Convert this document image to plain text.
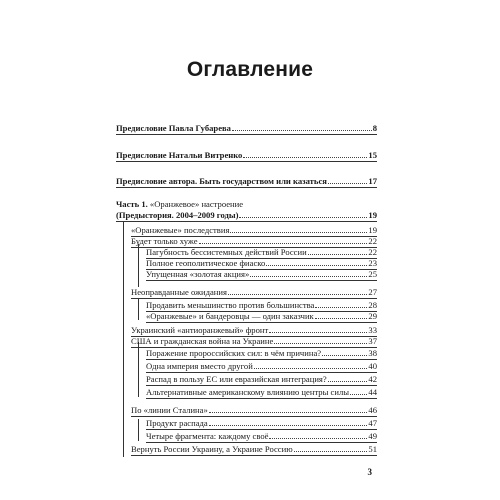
Оглавление
Предисловие Павла Губарева	8
Предисловие Натальи Витренко	15
Предисловие автора. Быть государством или казаться	17
Часть 1. «Оранжевое» настроение
(Предыстория. 2004–2009 годы)	19
«Оранжевые» последствия	19
Будет только хуже	22
Пагубность бессистемных действий России	22
Полное геополитическое фиаско	23
Упущенная «золотая акция»	25
Неоправданные ожидания	27
Продавить меньшинство против большинства	28
«Оранжевые» и бандеровцы — один заказчик	29
Украинский «антиоранжевый» фронт	33
США и гражданская война на Украине	37
Поражение пророссийских сил: в чём причина?	38
Одна империя вместо другой	40
Распад в пользу ЕС или евразийская интеграция?	42
Альтернативные американскому влиянию центры силы 44
По «линии Сталина»	46
Продукт распада	47
Четыре фрагмента: каждому своё	49
Вернуть России Украину, а Украине Россию	51
3
